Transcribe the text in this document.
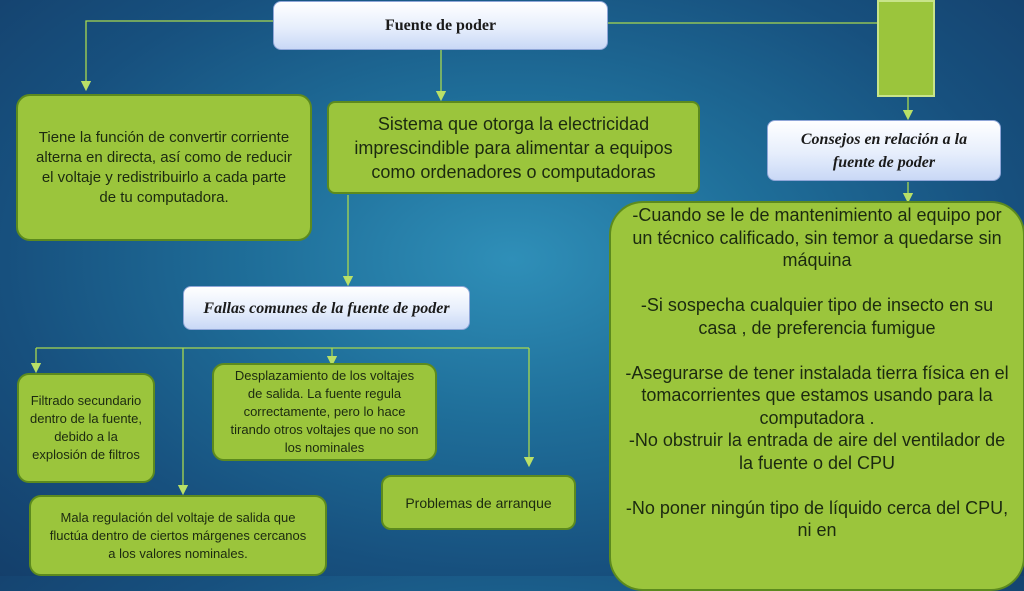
Fuente de poder
Tiene la función de convertir corriente alterna en directa, así como de reducir el voltaje y redistribuirlo a cada parte de tu computadora.
Sistema que otorga la electricidad imprescindible para alimentar a equipos como ordenadores o computadoras
Consejos en relación a la fuente de poder
-Cuando se le de mantenimiento al equipo por un técnico calificado, sin temor a quedarse sin máquina

-Si sospecha cualquier tipo de insecto en su casa , de preferencia fumigue

-Asegurarse de tener instalada tierra física en el tomacorrientes que estamos usando para la computadora .
-No obstruir la entrada de aire del ventilador de la fuente o del CPU

-No poner ningún tipo de líquido cerca del CPU, ni en
Fallas comunes de la fuente de poder
Filtrado secundario dentro de la fuente, debido a la explosión de filtros
Desplazamiento de los voltajes de salida. La fuente regula correctamente, pero lo hace tirando otros voltajes que no son los nominales
Problemas de arranque
Mala regulación del voltaje de salida que fluctúa dentro de ciertos márgenes cercanos a los valores nominales.
